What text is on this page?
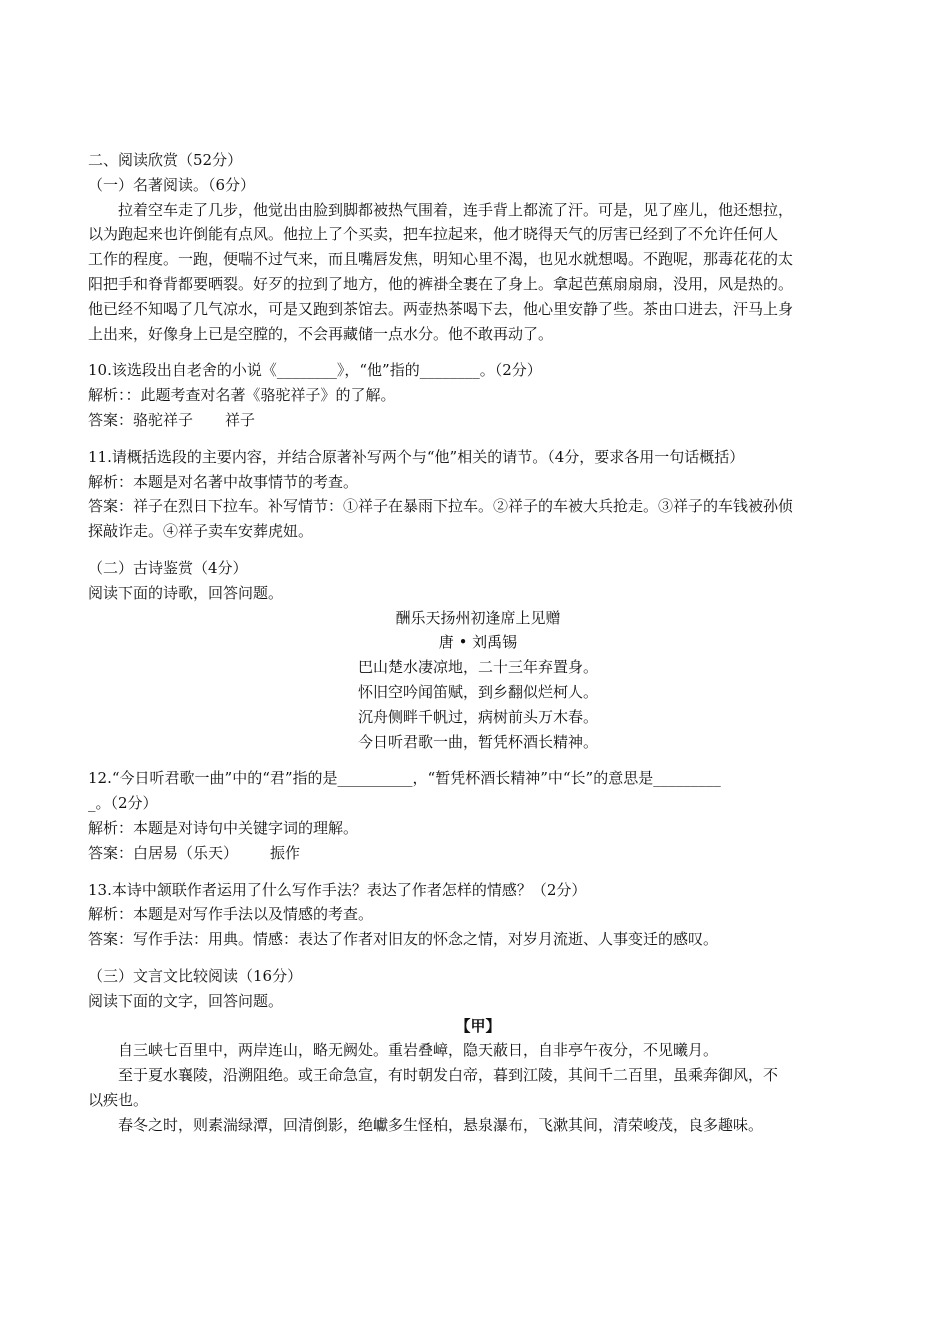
二、阅读欣赏（52分）
（一）名著阅读。（6分）
拉着空车走了几步，他觉出由脸到脚都被热气围着，连手背上都流了汗。可是，见了座儿，他还想拉，
以为跑起来也许倒能有点风。他拉上了个买卖，把车拉起来，他才晓得天气的厉害已经到了不允许任何人
工作的程度。一跑，便喘不过气来，而且嘴唇发焦，明知心里不渴，也见水就想喝。不跑呢，那毒花花的太
阳把手和脊背都要晒裂。好歹的拉到了地方，他的裤褂全裹在了身上。拿起芭蕉扇扇扇，没用，风是热的。
他已经不知喝了几气凉水，可是又跑到茶馆去。两壶热茶喝下去，他心里安静了些。茶由口进去，汗马上身
上出来，好像身上已是空膛的，不会再藏储一点水分。他不敢再动了。
10.该选段出自老舍的小说《________》，“他”指的________。（2分）
解析：：此题考查对名著《骆驼祥子》的了解。
答案：骆驼祥子 祥子
11.请概括选段的主要内容，并结合原著补写两个与“他”相关的请节。（4分，要求各用一句话概括）
解析：本题是对名著中故事情节的考查。
答案：祥子在烈日下拉车。补写情节：①祥子在暴雨下拉车。②祥子的车被大兵抢走。③祥子的车钱被孙侦
探敲诈走。④祥子卖车安葬虎妞。
（二）古诗鉴赏（4分）
阅读下面的诗歌，回答问题。
酬乐天扬州初逢席上见赠
唐 • 刘禹锡
巴山楚水凄凉地，二十三年弃置身。
怀旧空吟闻笛赋，到乡翻似烂柯人。
沉舟侧畔千帆过，病树前头万木春。
今日听君歌一曲，暂凭杯酒长精神。
12.“今日听君歌一曲”中的“君”指的是__________，“暂凭杯酒长精神”中“长”的意思是_________
_。（2分）
解析：本题是对诗句中关键字词的理解。
答案：白居易（乐天） 振作
13.本诗中颔联作者运用了什么写作手法？表达了作者怎样的情感？（2分）
解析：本题是对写作手法以及情感的考查。
答案：写作手法：用典。情感：表达了作者对旧友的怀念之情，对岁月流逝、人事变迁的感叹。
（三）文言文比较阅读（16分）
阅读下面的文字，回答问题。
【甲】
自三峡七百里中，两岸连山，略无阙处。重岩叠嶂，隐天蔽日，自非亭午夜分，不见曦月。
至于夏水襄陵，沿溯阻绝。或王命急宣，有时朝发白帝，暮到江陵，其间千二百里，虽乘奔御风，不
以疾也。
春冬之时，则素湍绿潭，回清倒影，绝巘多生怪柏，悬泉瀑布，飞漱其间，清荣峻茂，良多趣味。
